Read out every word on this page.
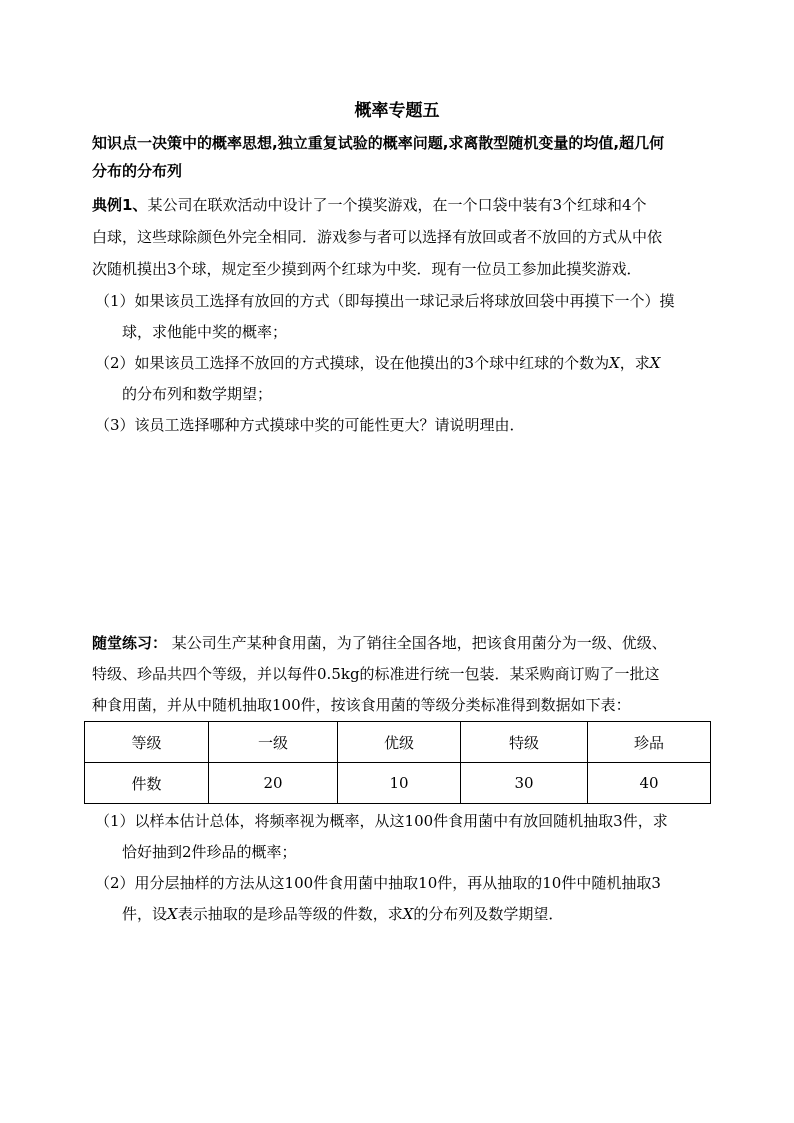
概率专题五
知识点一决策中的概率思想,独立重复试验的概率问题,求离散型随机变量的均值,超几何
分布的分布列
典例1、某公司在联欢活动中设计了一个摸奖游戏，在一个口袋中装有3个红球和4个
白球，这些球除颜色外完全相同．游戏参与者可以选择有放回或者不放回的方式从中依
次随机摸出3个球，规定至少摸到两个红球为中奖．现有一位员工参加此摸奖游戏．
（1）如果该员工选择有放回的方式（即每摸出一球记录后将球放回袋中再摸下一个）摸
球，求他能中奖的概率；
（2）如果该员工选择不放回的方式摸球，设在他摸出的3个球中红球的个数为X，求X
的分布列和数学期望；
（3）该员工选择哪种方式摸球中奖的可能性更大？请说明理由．
随堂练习： 某公司生产某种食用菌，为了销往全国各地，把该食用菌分为一级、优级、
特级、珍品共四个等级，并以每件0.5kg的标准进行统一包装．某采购商订购了一批这
种食用菌，并从中随机抽取100件，按该食用菌的等级分类标准得到数据如下表：
等级	一级	优级	特级	珍品
件数	20	10	30	40
（1）以样本估计总体，将频率视为概率，从这100件食用菌中有放回随机抽取3件，求
恰好抽到2件珍品的概率；
（2）用分层抽样的方法从这100件食用菌中抽取10件，再从抽取的10件中随机抽取3
件，设X表示抽取的是珍品等级的件数，求X的分布列及数学期望．
